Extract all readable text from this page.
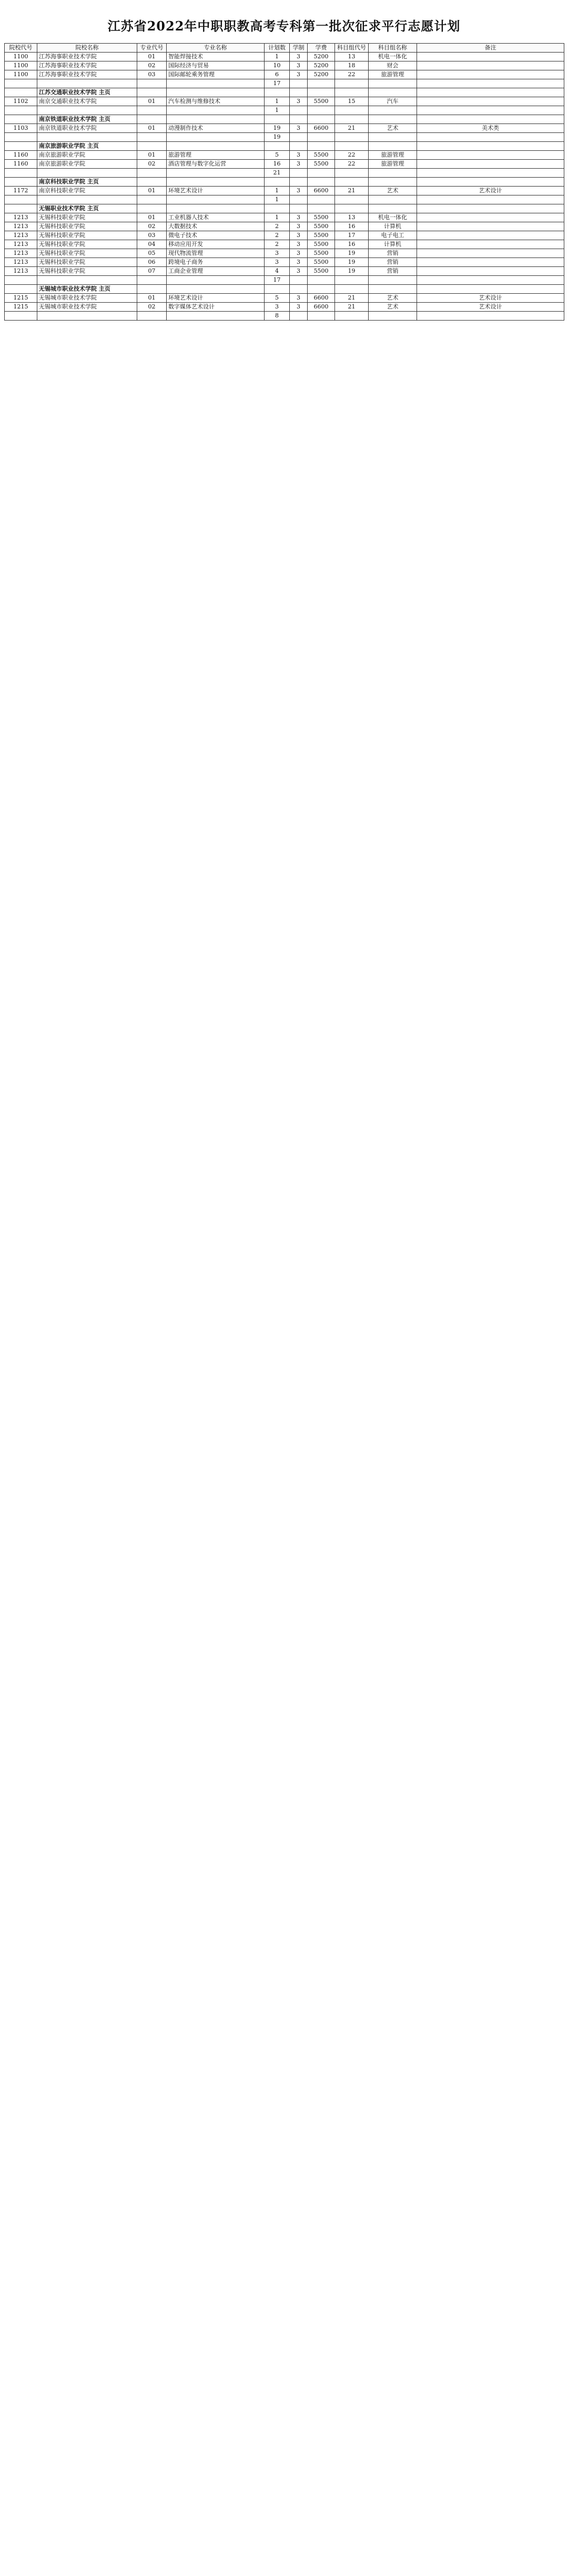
江苏省2022年中职职教高考专科第一批次征求平行志愿计划
院校代号	院校名称	专业代号	专业名称	计划数	学制	学费	科目组代号	科目组名称	备注
1100	江苏海事职业技术学院	01	智能焊接技术	1	3	5200	13	机电一体化	
1100	江苏海事职业技术学院	02	国际经济与贸易	10	3	5200	18	财会	
1100	江苏海事职业技术学院	03	国际邮轮乘务管理	6	3	5200	22	旅游管理	
				17					
	江苏交通职业技术学院 主页								
1102	南京交通职业技术学院	01	汽车检测与维修技术	1	3	5500	15	汽车	
				1					
	南京铁道职业技术学院 主页								
1103	南京铁道职业技术学院	01	动漫制作技术	19	3	6600	21	艺术	美术类
				19					
	南京旅游职业学院 主页								
1160	南京旅游职业学院	01	旅游管理	5	3	5500	22	旅游管理	
1160	南京旅游职业学院	02	酒店管理与数字化运营	16	3	5500	22	旅游管理	
				21					
	南京科技职业学院 主页								
1172	南京科技职业学院	01	环境艺术设计	1	3	6600	21	艺术	艺术设计
				1					
	无锡职业技术学院 主页								
1213	无锡科技职业学院	01	工业机器人技术	1	3	5500	13	机电一体化	
1213	无锡科技职业学院	02	大数据技术	2	3	5500	16	计算机	
1213	无锡科技职业学院	03	微电子技术	2	3	5500	17	电子电工	
1213	无锡科技职业学院	04	移动应用开发	2	3	5500	16	计算机	
1213	无锡科技职业学院	05	现代物流管理	3	3	5500	19	营销	
1213	无锡科技职业学院	06	跨境电子商务	3	3	5500	19	营销	
1213	无锡科技职业学院	07	工商企业管理	4	3	5500	19	营销	
				17					
	无锡城市职业技术学院 主页								
1215	无锡城市职业技术学院	01	环境艺术设计	5	3	6600	21	艺术	艺术设计
1215	无锡城市职业技术学院	02	数字媒体艺术设计	3	3	6600	21	艺术	艺术设计
				8					
